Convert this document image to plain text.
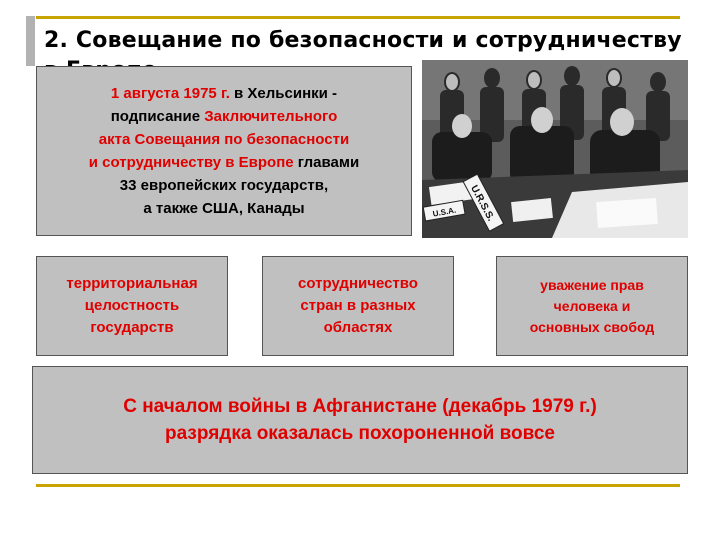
2. Совещание по безопасности и сотрудничеству
U.R.S.S.
U.S.A.
1 августа 1975 г. в Хельсинки -
подписание Заключительного
акта Совещания по безопасности
и сотрудничеству в Европе главами
33 европейских государств,
а также США, Канады
территориальная
целостность
государств
сотрудничество
стран в разных
областях
уважение прав
человека и
основных свобод
С началом войны в Афганистане (декабрь 1979 г.)
разрядка оказалась похороненной вовсе
